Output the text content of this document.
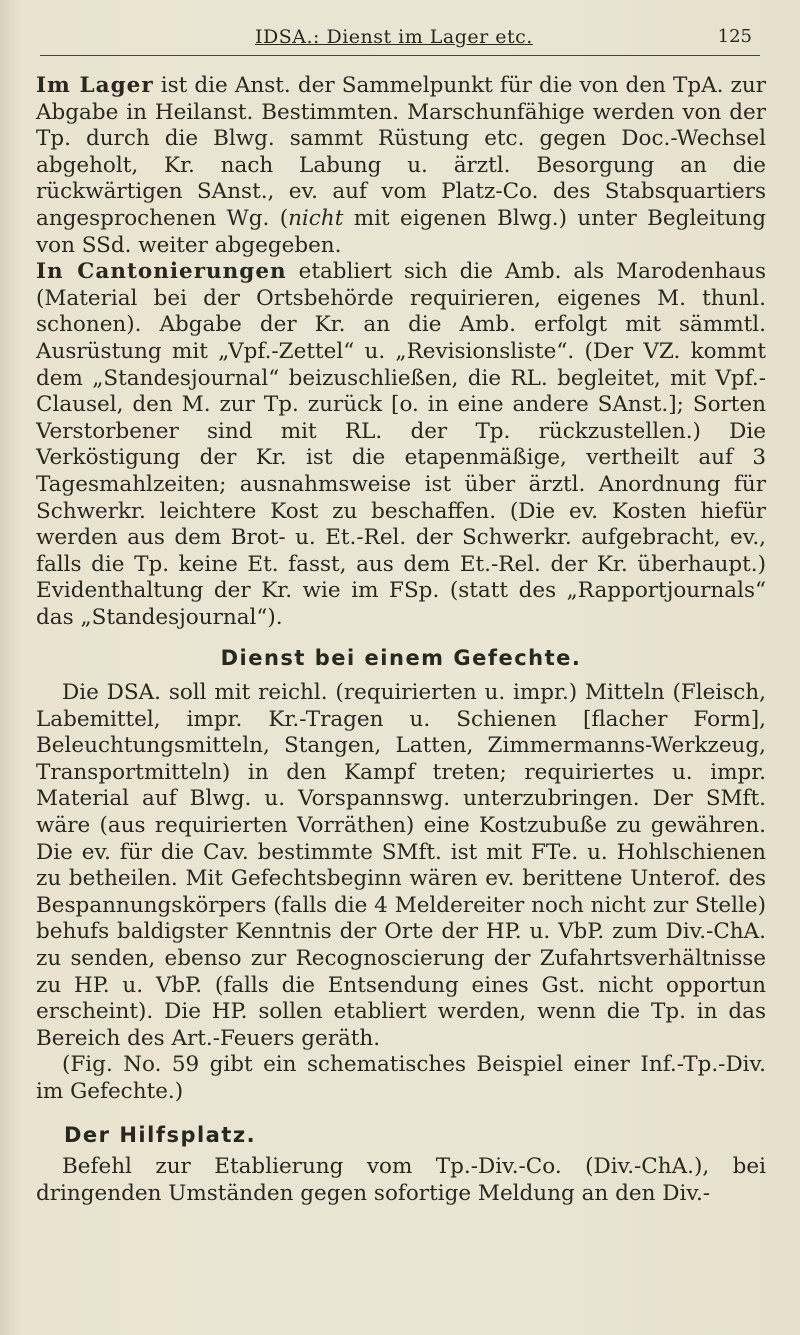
IDSA.: Dienst im Lager etc.	125

Im Lager ist die Anst. der Sammelpunkt für die von den TpA. zur Abgabe in Heilanst. Bestimmten. Marschunfähige werden von der Tp. durch die Blwg. sammt Rüstung etc. gegen Doc.-Wechsel abgeholt, Kr. nach Labung u. ärztl. Besorgung an die rückwärtigen SAnst., ev. auf vom Platz-Co. des Stabsquartiers angesprochenen Wg. (nicht mit eigenen Blwg.) unter Begleitung von SSd. weiter abgegeben.

In Cantonierungen etabliert sich die Amb. als Marodenhaus (Material bei der Ortsbehörde requirieren, eigenes M. thunl. schonen). Abgabe der Kr. an die Amb. erfolgt mit sämmtl. Ausrüstung mit „Vpf.-Zettel“ u. „Revisionsliste“. (Der VZ. kommt dem „Standesjournal“ beizuschließen, die RL. begleitet, mit Vpf.-Clausel, den M. zur Tp. zurück [o. in eine andere SAnst.]; Sorten Verstorbener sind mit RL. der Tp. rückzustellen.) Die Verköstigung der Kr. ist die etapenmäßige, vertheilt auf 3 Tagesmahlzeiten; ausnahmsweise ist über ärztl. Anordnung für Schwerkr. leichtere Kost zu beschaffen. (Die ev. Kosten hiefür werden aus dem Brot- u. Et.-Rel. der Schwerkr. aufgebracht, ev., falls die Tp. keine Et. fasst, aus dem Et.-Rel. der Kr. überhaupt.) Evidenthaltung der Kr. wie im FSp. (statt des „Rapportjournals“ das „Standesjournal“).

Dienst bei einem Gefechte.

Die DSA. soll mit reichl. (requirierten u. impr.) Mitteln (Fleisch, Labemittel, impr. Kr.-Tragen u. Schienen [flacher Form], Beleuchtungsmitteln, Stangen, Latten, Zimmermanns-Werkzeug, Transportmitteln) in den Kampf treten; requiriertes u. impr. Material auf Blwg. u. Vorspannswg. unterzubringen. Der SMft. wäre (aus requirierten Vorräthen) eine Kostzubuße zu gewähren. Die ev. für die Cav. bestimmte SMft. ist mit FTe. u. Hohlschienen zu betheilen. Mit Gefechtsbeginn wären ev. berittene Unterof. des Bespannungskörpers (falls die 4 Meldereiter noch nicht zur Stelle) behufs baldigster Kenntnis der Orte der HP. u. VbP. zum Div.-ChA. zu senden, ebenso zur Recognoscierung der Zufahrtsverhältnisse zu HP. u. VbP. (falls die Entsendung eines Gst. nicht opportun erscheint). Die HP. sollen etabliert werden, wenn die Tp. in das Bereich des Art.-Feuers geräth.

(Fig. No. 59 gibt ein schematisches Beispiel einer Inf.-Tp.-Div. im Gefechte.)

Der Hilfsplatz.

Befehl zur Etablierung vom Tp.-Div.-Co. (Div.-ChA.), bei dringenden Umständen gegen sofortige Meldung an den Div.-
